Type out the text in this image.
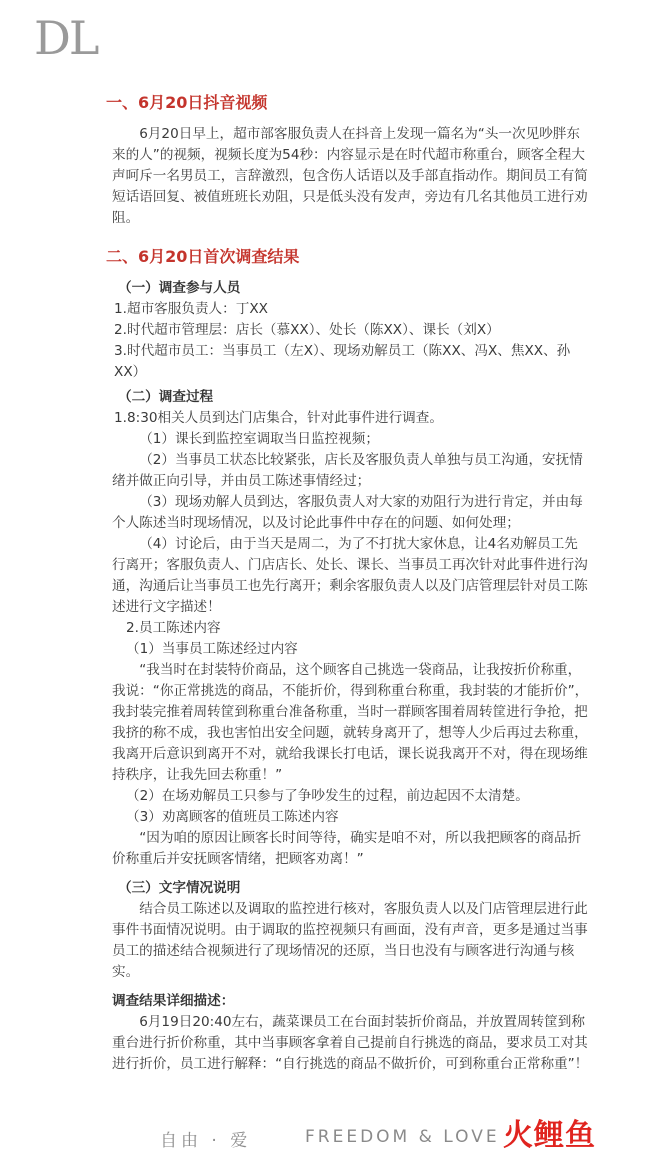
DL
一、6月20日抖音视频

6月20日早上，超市部客服负责人在抖音上发现一篇名为“头一次见吵胖东来的人”的视频，视频长度为54秒：内容显示是在时代超市称重台，顾客全程大声呵斥一名男员工，言辞激烈，包含伤人话语以及手部直指动作。期间员工有简短话语回复、被值班班长劝阻，只是低头没有发声，旁边有几名其他员工进行劝阻。

二、6月20日首次调查结果
（一）调查参与人员

1.超市客服负责人：丁XX

2.时代超市管理层：店长（慕XX）、处长（陈XX）、课长（刘X）

3.时代超市员工：当事员工（左X）、现场劝解员工（陈XX、冯X、焦XX、孙XX）

（二）调查过程

1.8:30相关人员到达门店集合，针对此事件进行调查。

（1）课长到监控室调取当日监控视频；

（2）当事员工状态比较紧张，店长及客服负责人单独与员工沟通，安抚情绪并做正向引导，并由员工陈述事情经过；

（3）现场劝解人员到达，客服负责人对大家的劝阻行为进行肯定，并由每个人陈述当时现场情况，以及讨论此事件中存在的问题、如何处理；

（4）讨论后，由于当天是周二，为了不打扰大家休息，让4名劝解员工先行离开；客服负责人、门店店长、处长、课长、当事员工再次针对此事件进行沟通，沟通后让当事员工也先行离开；剩余客服负责人以及门店管理层针对员工陈述进行文字描述！

2.员工陈述内容

（1）当事员工陈述经过内容

“我当时在封装特价商品，这个顾客自己挑选一袋商品，让我按折价称重，我说：“你正常挑选的商品，不能折价，得到称重台称重，我封装的才能折价”，我封装完推着周转筐到称重台准备称重，当时一群顾客围着周转筐进行争抢，把我挤的称不成，我也害怕出安全问题，就转身离开了，想等人少后再过去称重，我离开后意识到离开不对，就给我课长打电话，课长说我离开不对，得在现场维持秩序，让我先回去称重！”

（2）在场劝解员工只参与了争吵发生的过程，前边起因不太清楚。

（3）劝离顾客的值班员工陈述内容

“因为咱的原因让顾客长时间等待，确实是咱不对，所以我把顾客的商品折价称重后并安抚顾客情绪，把顾客劝离！”

（三）文字情况说明

结合员工陈述以及调取的监控进行核对，客服负责人以及门店管理层进行此事件书面情况说明。由于调取的监控视频只有画面，没有声音，更多是通过当事员工的描述结合视频进行了现场情况的还原，当日也没有与顾客进行沟通与核实。

调查结果详细描述：

6月19日20:40左右，蔬菜课员工在台面封装折价商品，并放置周转筐到称重台进行折价称重，其中当事顾客拿着自己提前自行挑选的商品，要求员工对其进行折价，员工进行解释：“自行挑选的商品不做折价，可到称重台正常称重”！

自由 · 爱	FREEDOM & LOVE 火鲤鱼
